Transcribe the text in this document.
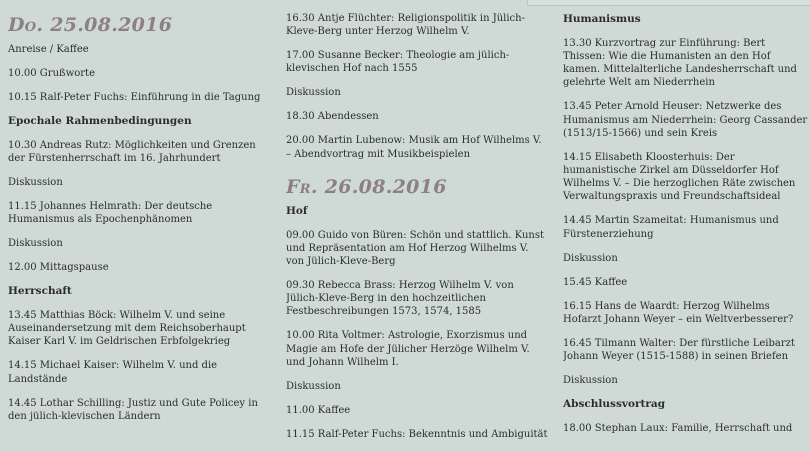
Do. 25.08.2016
Anreise / Kaffee
10.00 Grußworte
10.15 Ralf-Peter Fuchs: Einführung in die Tagung
Epochale Rahmenbedingungen
10.30 Andreas Rutz: Möglichkeiten und Grenzen der Fürstenherrschaft im 16. Jahrhundert
Diskussion
11.15 Johannes Helmrath: Der deutsche Humanismus als Epochenphänomen
Diskussion
12.00 Mittagspause
Herrschaft
13.45 Matthias Böck: Wilhelm V. und seine Auseinandersetzung mit dem Reichsoberhaupt Kaiser Karl V. im Geldrischen Erbfolgekrieg
14.15 Michael Kaiser: Wilhelm V. und die Landstände
14.45 Lothar Schilling: Justiz und Gute Policey in den jülich-klevischen Ländern
16.30 Antje Flüchter: Religionspolitik in Jülich-Kleve-Berg unter Herzog Wilhelm V.
17.00 Susanne Becker: Theologie am jülich-klevischen Hof nach 1555
Diskussion
18.30 Abendessen
20.00 Martin Lubenow: Musik am Hof Wilhelms V. – Abendvortrag mit Musikbeispielen
Fr. 26.08.2016
Hof
09.00 Guido von Büren: Schön und stattlich. Kunst und Repräsentation am Hof Herzog Wilhelms V. von Jülich-Kleve-Berg
09.30 Rebecca Brass: Herzog Wilhelm V. von Jülich-Kleve-Berg in den hochzeitlichen Festbeschreibungen 1573, 1574, 1585
10.00 Rita Voltmer: Astrologie, Exorzismus und Magie am Hofe der Jülicher Herzöge Wilhelm V. und Johann Wilhelm I.
Diskussion
11.00 Kaffee
11.15 Ralf-Peter Fuchs: Bekenntnis und Ambiguität
Humanismus
13.30 Kurzvortrag zur Einführung: Bert Thissen: Wie die Humanisten an den Hof kamen. Mittelalterliche Landesherrschaft und gelehrte Welt am Niederrhein
13.45 Peter Arnold Heuser: Netzwerke des Humanismus am Niederrhein: Georg Cassander (1513/15-1566) und sein Kreis
14.15 Elisabeth Kloosterhuis: Der humanistische Zirkel am Düsseldorfer Hof Wilhelms V. – Die herzoglichen Räte zwischen Verwaltungspraxis und Freundschaftsideal
14.45 Martin Szameitat: Humanismus und Fürstenerziehung
Diskussion
15.45 Kaffee
16.15 Hans de Waardt: Herzog Wilhelms Hofarzt Johann Weyer – ein Weltverbesserer?
16.45 Tilmann Walter: Der fürstliche Leibarzt Johann Weyer (1515-1588) in seinen Briefen
Diskussion
Abschlussvortrag
18.00 Stephan Laux: Familie, Herrschaft und
